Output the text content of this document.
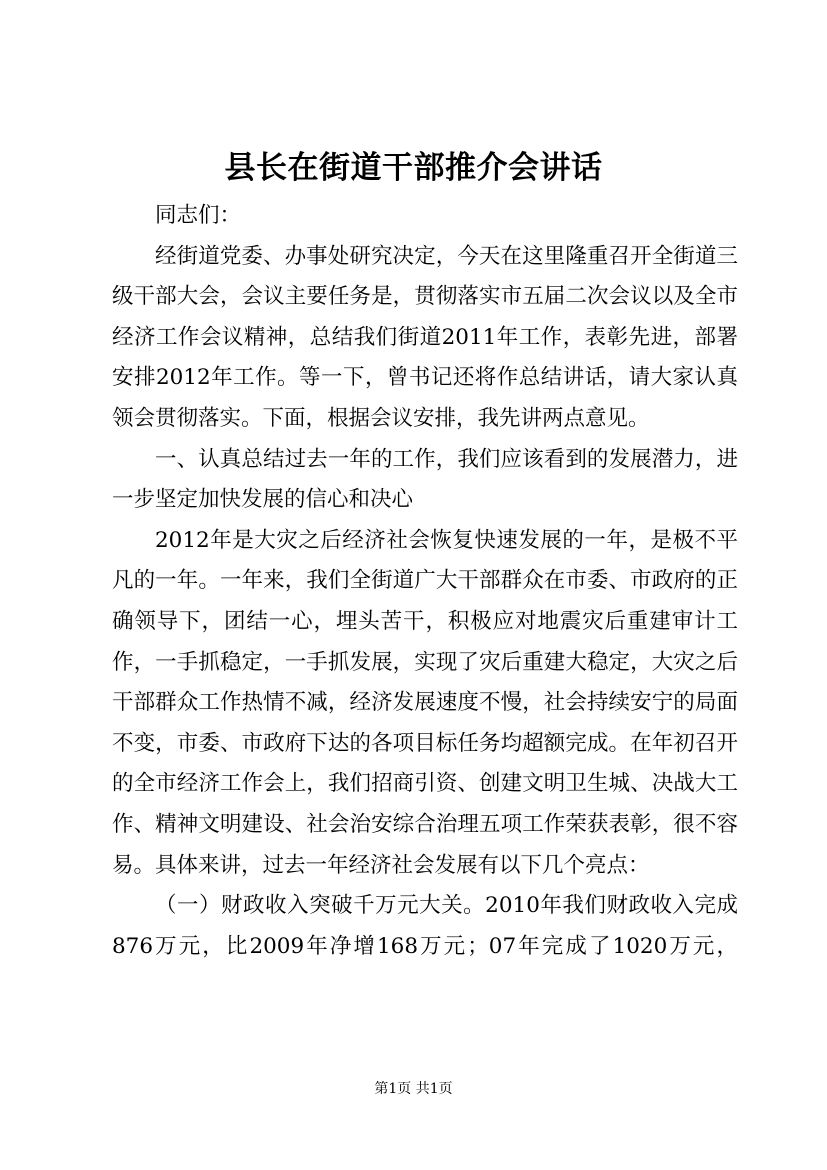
县长在街道干部推介会讲话

同志们：

经街道党委、办事处研究决定，今天在这里隆重召开全街道三级干部大会，会议主要任务是，贯彻落实市五届二次会议以及全市经济工作会议精神，总结我们街道2011年工作，表彰先进，部署安排2012年工作。等一下，曾书记还将作总结讲话，请大家认真领会贯彻落实。下面，根据会议安排，我先讲两点意见。

一、认真总结过去一年的工作，我们应该看到的发展潜力，进一步坚定加快发展的信心和决心

2012年是大灾之后经济社会恢复快速发展的一年，是极不平凡的一年。一年来，我们全街道广大干部群众在市委、市政府的正确领导下，团结一心，埋头苦干，积极应对地震灾后重建审计工作，一手抓稳定，一手抓发展，实现了灾后重建大稳定，大灾之后干部群众工作热情不减，经济发展速度不慢，社会持续安宁的局面不变，市委、市政府下达的各项目标任务均超额完成。在年初召开的全市经济工作会上，我们招商引资、创建文明卫生城、决战大工作、精神文明建设、社会治安综合治理五项工作荣获表彰，很不容易。具体来讲，过去一年经济社会发展有以下几个亮点：

（一）财政收入突破千万元大关。2010年我们财政收入完成876万元，比2009年净增168万元；07年完成了1020万元，

第1页 共1页
